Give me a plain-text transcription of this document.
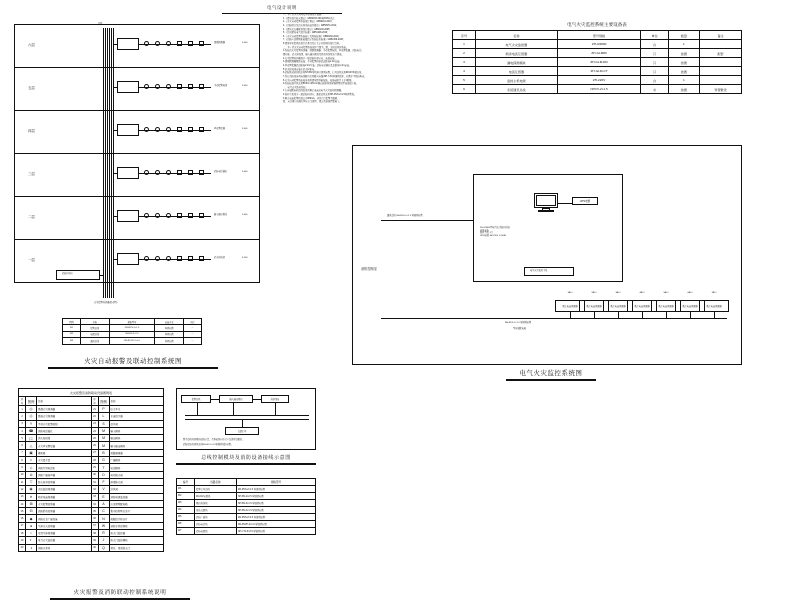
电气设计说明
六层
五层
四层
三层
二层
一层
3.000
3.000
3.000
3.000
3.000
4.200
总线
感烟探测器
手动报警按钮
声光警报器
消防电话插孔
输入输出模块
消火栓按钮
消防控制室
火灾报警控制器(联动型)
图例	名称	规格型号	安装方式	备注
W1	报警总线	ZR-RVS-2×1.5	穿管暗敷	—
W2	电源总线	NH-BV-2×2.5	穿管暗敷	—
W3	通讯总线	ZR-RVVP-2×1.0	穿管暗敷	—
火灾自动报警及联动控制系统图
一、本工程火灾自动报警系统设计依据：
1.《建筑设计防火规范》GB50016-2014(2018年版)；
2.《火灾自动报警系统设计规范》GB50116-2013；
3.《消防给水及消火栓系统技术规范》GB50974-2014；
4.《建筑灭火器配置设计规范》GB50140-2005；
5.《民用建筑电气设计标准》GB51348-2019；
6.《火灾自动报警系统施工及验收标准》GB50166-2019；
7.《消防应急照明和疏散指示系统技术标准》GB51309-2018；
8.建设单位提供的设计任务书及有关专业提供的设计资料。
二、本工程火灾自动报警系统保护等级为二级，采用总线制系统。
1.系统由火灾报警控制器、感烟探测器、手动报警按钮、声光警报器、消防电话、
模块箱、消火栓按钮、输入输出模块及联动控制设备等组成。
2.火灾报警控制器设于一层消防控制室内，落地安装。
3.感烟探测器吸顶安装；手动报警按钮底边距地1.4m安装；
4.声光警报器底边距地2.2m壁装；消防电话插孔底边距地1.4m安装。
5.消火栓按钮安装于消火栓箱内。
6.消防联动控制线采用NH-BV导线穿金属管暗敷，信号总线采用ZR-RVS双绞线。
7.所有消防设备供电线路均采用耐火电缆(NH-YJV)穿钢管保护，暗敷于不燃结构内。
8.火灾自动报警系统接地利用建筑物基础接地，接地电阻不大于1欧姆。
9.系统接地干线采用BVR-1×25mm²铜芯绝缘导线穿钢管敷设至接地端子箱。
三、电气火灾监控系统：
1.在各层配电箱进线处设置剩余电流式电气火灾监控探测器。
2.监控主机设于一层消防控制室，通讯总线采用NH-RVS-2×1.5穿管敷设。
3.剩余电流报警值设定为300mA，动作后只报警不跳闸。
四、未尽事宜按现行国家有关规程、规范及标准图集施工。
电气火灾监控系统主要设备表
序号	名称	型号规格	单位	数量	备注
1	电气火灾监控器	ZH-G9800	台	1	
2	剩余电流互感器	ZH-GLM80	只	按图	配套
3	漏电探测模块	ZH-GLM-RD	只	按图	
4	电流互感器	ZH-GLM-CT	只	按图	
5	监控主机电源	ZH-220V	台	1	
6	系统通讯总线	NHVV-2×1.5	米	按图	穿管敷设
UPS电源
ZH-G9800型电气火灾监控设备
落地安装
监控主机: 1台
UPS电源: AC220V 1.5kVA
电气火灾监控主机
通讯总线 NH-RVS-2×1.5 穿钢管暗敷
消防控制室
NH-RVS-2×1.5 穿钢管暗敷
至各层配电箱
1AL1
剩余电流探测器
2AL1
剩余电流探测器
3AL1
剩余电流探测器
4AL1
剩余电流探测器
5AL1
剩余电流探测器
6AL1
剩余电流探测器
7AL1
剩余电流探测器
电气火灾监控系统图
火灾报警及消防联动设备图例表					
序号	图例	名称	序号	图例	名称
1	◎	感烟火灾探测器	21	P	压力开关
2	◎	感温火灾探测器	22	L	水流指示器
3	Y	手动火灾报警按钮	23	S	信号阀
4	☎	消防电话插孔	24	M	输入模块
5	口	消火栓按钮	25	M	输出模块
6	△	火灾声光警报器	26	M	输入输出模块
7	▣	模块箱	27	B	短路隔离器
8	□	火灾显示盘	28	G	广播模块
9	◇	消防专用电话机	29	T	电话模块
10	⊙	消防广播扬声器	30	D	电动防火阀
11	▽	防火卷帘控制器	31	F	排烟防火阀
12	◉	余压监控探测器	32	V	送风阀
13	✕	剩余电流探测器	33	E	消防电源监控器
14	⊞	火灾报警控制器	34	A	应急照明配电箱
15	⊟	消防联动控制器	35	C	集中控制型应急灯
16	◆	消防应急广播设备	36	N	疏散指示标志灯
17	●	气体灭火控制器	37	W	消防水泵控制柜
18	○	可燃气体探测器	38	R	防火门监控器
19	◐	电气火灾监控器	39	J	防火门监控模块
20	◑	消防水泵房	40	Q	常开、常闭防火门
火灾报警及消防联动控制系统说明
报警总线	输入输出模块	控制设备
反馈信号
图中总线控制模块接线示意，具体接线应符合产品说明书要求。
消防设备控制线采用NH-BV-2×2.5穿钢管保护暗敷。
总线控制模块及消防设备接线示意图
编号	线路名称	规格型号
W1	报警信号总线	ZR-RVS-2×1.5 穿钢管暗敷
W2	DC24V电源线	NH-BV-2×2.5 穿钢管暗敷
W3	模块控制线	NH-BV-4×1.5 穿钢管暗敷
W4	设备反馈线	NH-BV-2×1.5 穿钢管暗敷
W5	消防广播线	ZR-RVS-2×1.5 穿钢管暗敷
W6	消防电话线	ZR-RVVP-2×1.0 穿钢管暗敷
W7	消防电源线	NH-YJV-3×2.5 穿钢管暗敷
